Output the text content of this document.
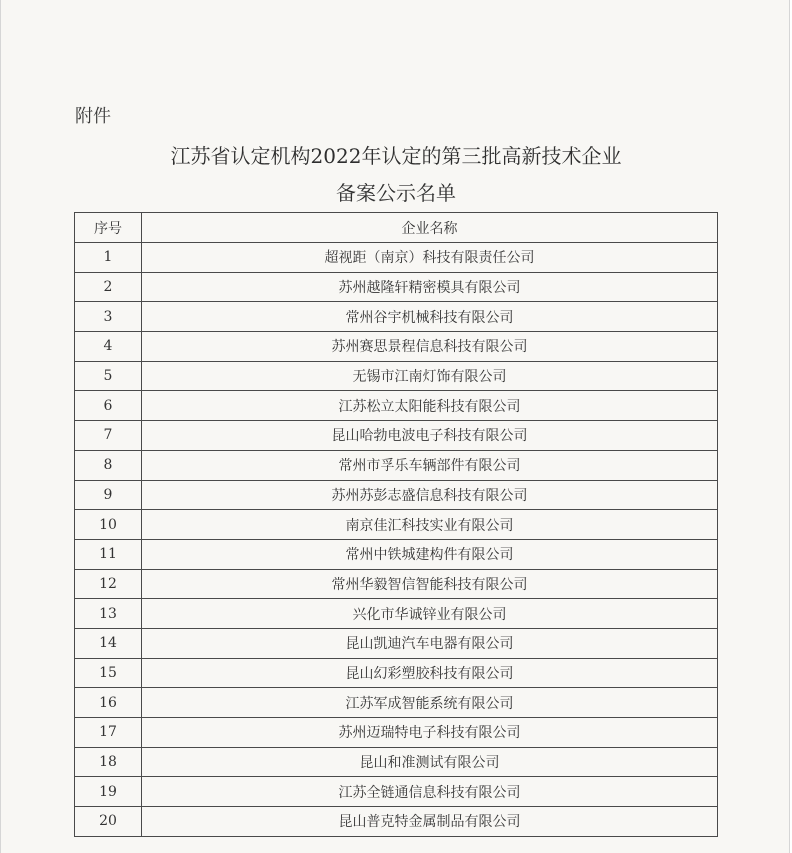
附件
江苏省认定机构2022年认定的第三批高新技术企业
备案公示名单
序号	企业名称
1	超视距（南京）科技有限责任公司
2	苏州越隆轩精密模具有限公司
3	常州谷宇机械科技有限公司
4	苏州赛思景程信息科技有限公司
5	无锡市江南灯饰有限公司
6	江苏松立太阳能科技有限公司
7	昆山哈勃电波电子科技有限公司
8	常州市孚乐车辆部件有限公司
9	苏州苏彭志盛信息科技有限公司
10	南京佳汇科技实业有限公司
11	常州中铁城建构件有限公司
12	常州华毅智信智能科技有限公司
13	兴化市华诚锌业有限公司
14	昆山凯迪汽车电器有限公司
15	昆山幻彩塑胶科技有限公司
16	江苏军成智能系统有限公司
17	苏州迈瑞特电子科技有限公司
18	昆山和准测试有限公司
19	江苏全链通信息科技有限公司
20	昆山普克特金属制品有限公司
